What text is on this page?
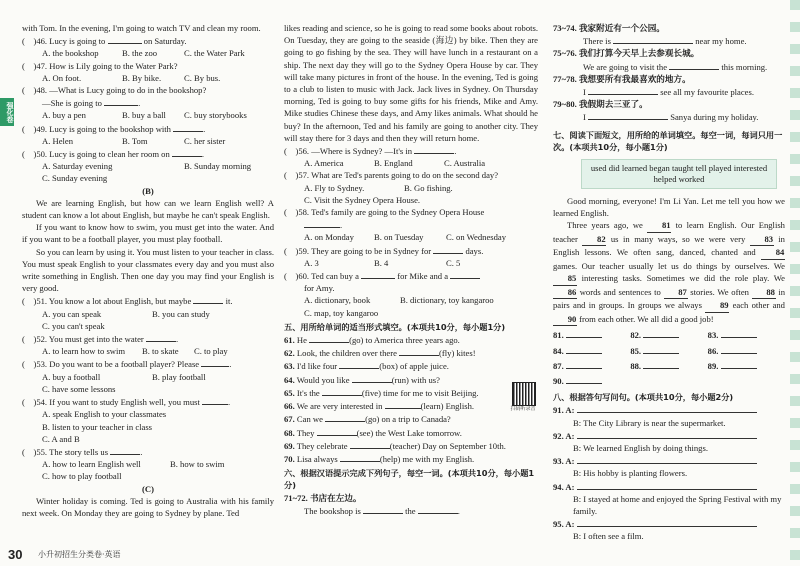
强化卷

with Tom. In the evening, I'm going to watch TV and clean my room.

( )46. Lucy is going to	on Saturday.

A. the bookshop	B. the zoo	C. the Water Park

( )47. How is Lily going to the Water Park?

A. On foot.	B. By bike.	C. By bus.

( )48. —What is Lucy going to do in the bookshop?

—She is going to	.

A. buy a pen	B. buy a ball C. buy storybooks

( )49. Lucy is going to the bookshop with	.

A. Helen	B. Tom	C. her sister

( )50. Lucy is going to clean her room on	.

A. Saturday evening	B. Sunday morning

C. Sunday evening

(B)

We are learning English, but how can we learn English well? A student can know a lot about English, but maybe he can't speak English.

If you want to know how to swim, you must get into the water. And if you want to be a football player, you must play football.

So you can learn by using it. You must listen to your teacher in class. You must speak English to your classmates every day and you must also write something in English. Then one day you may find your English is very good.

( )51. You know a lot about English, but maybe	it.

A. you can speak	B. you can study

C. you can't speak

( )52. You must get into the water	.

A. to learn how to swim B. to skate C. to play

( )53. Do you want to be a football player? Please	.

A. buy a football	B. play football

C. have some lessons

( )54. If you want to study English well, you must	.

A. speak English to your classmates

B. listen to your teacher in class

C. A and B

( )55. The story tells us	.

A. how to learn English well	B. how to swim

C. how to play football

(C)

Winter holiday is coming. Ted is going to Australia with his family next week. On Monday they are going to Sydney by plane. Ted

likes reading and science, so he is going to read some books about robots. On Tuesday, they are going to the seaside (海边) by bike. Then they are going to go fishing by the sea. They will have lunch in a restaurant on a ship. The next day they will go to the Sydney Opera House by car. They will take many pictures in front of the house. In the evening, Ted is going to a club to listen to music with Jack. Jack lives in Sydney. On Thursday morning, Ted is going to buy some gifts for his friends, Mike and Amy. Mike studies Chinese these days, and Amy likes animals. What should he buy? In the afternoon, Ted and his family are going to another city. They will stay there for 3 days and then they will return home.

( )56. —Where is Sydney? —It's in	.

A. America	B. England	C. Australia

( )57. What are Ted's parents going to do on the second day?

A. Fly to Sydney.	B. Go fishing.

C. Visit the Sydney Opera House.

( )58. Ted's family are going to the Sydney Opera House

.

A. on Monday B. on Tuesday	C. on Wednesday

( )59. They are going to be in Sydney for	days.

A. 3	B. 4	C. 5

( )60. Ted can buy a	for Mike and a

for Amy.

A. dictionary, book	B. dictionary, toy kangaroo

C. map, toy kangaroo

五、用所给单词的适当形式填空。(本项共10分，每小题1分)

61. He	(go) to America three years ago.

62. Look, the children over there	(fly) kites!

63. I'd like four	(box) of apple juice.

64. Would you like	(run) with us?

65. It's the	(five) time for me to visit Beijing.

66. We are very interested in	(learn) English.

67. Can we	(go) on a trip to Canada?

68. They	(see) the West Lake tomorrow.

69. They celebrate	(teacher) Day on September 10th.

70. Lisa always	(help) me with my English.

六、根据汉语提示完成下列句子，每空一词。(本项共10分，每小题1分)

71~72. 书店在左边。

The bookshop is	the	.

扫码听录音

73~74. 我家附近有一个公园。

There is	near my home.

75~76. 我们打算今天早上去参观长城。

We are going to visit the	this morning.

77~78. 我想要所有我最喜欢的地方。

I	see all my favourite places.

79~80. 我假期去三亚了。

I	Sanya during my holiday.

七、阅读下面短文，用所给的单词填空。每空一词，每词只用一次。(本项共10分，每小题1分)

used did learned began taught tell played interested helped worked

Good morning, everyone! I'm Li Yan. Let me tell you how we learned English.

Three years ago, we 81 to learn English. Our English teacher 82 us in many ways, so we were very 83 in English lessons. We often sang, danced, chanted and 84 games. Our teacher usually let us do things by ourselves. We 85 interesting tasks. Sometimes we did the role play. We 86 words and sentences to 87 stories. We often 88 in pairs and in groups. In groups we always 89 each other and 90 from each other. We all did a good job!

81.	82.	83.
84.	85.	86.
87.	88.	89.
90.

八、根据答句写问句。(本项共10分，每小题2分)

91. A:

B: The City Library is near the supermarket.

92. A:

B: We learned English by doing things.

93. A:

B: His hobby is planting flowers.

94. A:

B: I stayed at home and enjoyed the Spring Festival with my family.

95. A:

B: I often see a film.

30 小升初招生分类卷·英语
